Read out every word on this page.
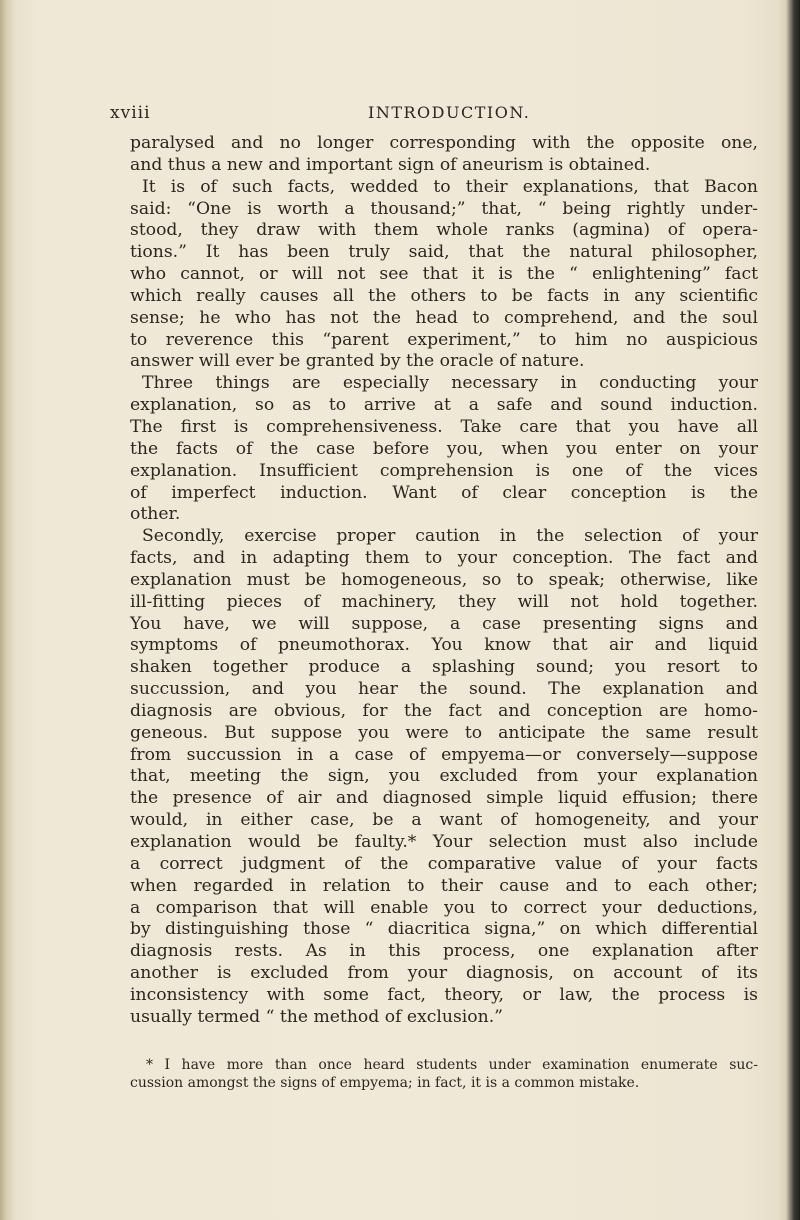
xviii	INTRODUCTION.
paralysed and no longer corresponding with the opposite one,
and thus a new and important sign of aneurism is obtained.
It is of such facts, wedded to their explanations, that Bacon
said: “One is worth a thousand;” that, “ being rightly under-
stood, they draw with them whole ranks (agmina) of opera-
tions.” It has been truly said, that the natural philosopher,
who cannot, or will not see that it is the “ enlightening” fact
which really causes all the others to be facts in any scientific
sense; he who has not the head to comprehend, and the soul
to reverence this “parent experiment,” to him no auspicious
answer will ever be granted by the oracle of nature.
Three things are especially necessary in conducting your
explanation, so as to arrive at a safe and sound induction.
The first is comprehensiveness. Take care that you have all
the facts of the case before you, when you enter on your
explanation. Insufficient comprehension is one of the vices
of imperfect induction. Want of clear conception is the
other.
Secondly, exercise proper caution in the selection of your
facts, and in adapting them to your conception. The fact and
explanation must be homogeneous, so to speak; otherwise, like
ill-fitting pieces of machinery, they will not hold together.
You have, we will suppose, a case presenting signs and
symptoms of pneumothorax. You know that air and liquid
shaken together produce a splashing sound; you resort to
succussion, and you hear the sound. The explanation and
diagnosis are obvious, for the fact and conception are homo-
geneous. But suppose you were to anticipate the same result
from succussion in a case of empyema—or conversely—suppose
that, meeting the sign, you excluded from your explanation
the presence of air and diagnosed simple liquid effusion; there
would, in either case, be a want of homogeneity, and your
explanation would be faulty.* Your selection must also include
a correct judgment of the comparative value of your facts
when regarded in relation to their cause and to each other;
a comparison that will enable you to correct your deductions,
by distinguishing those “ diacritica signa,” on which differential
diagnosis rests. As in this process, one explanation after
another is excluded from your diagnosis, on account of its
inconsistency with some fact, theory, or law, the process is
usually termed “ the method of exclusion.”
* I have more than once heard students under examination enumerate suc-
cussion amongst the signs of empyema; in fact, it is a common mistake.
